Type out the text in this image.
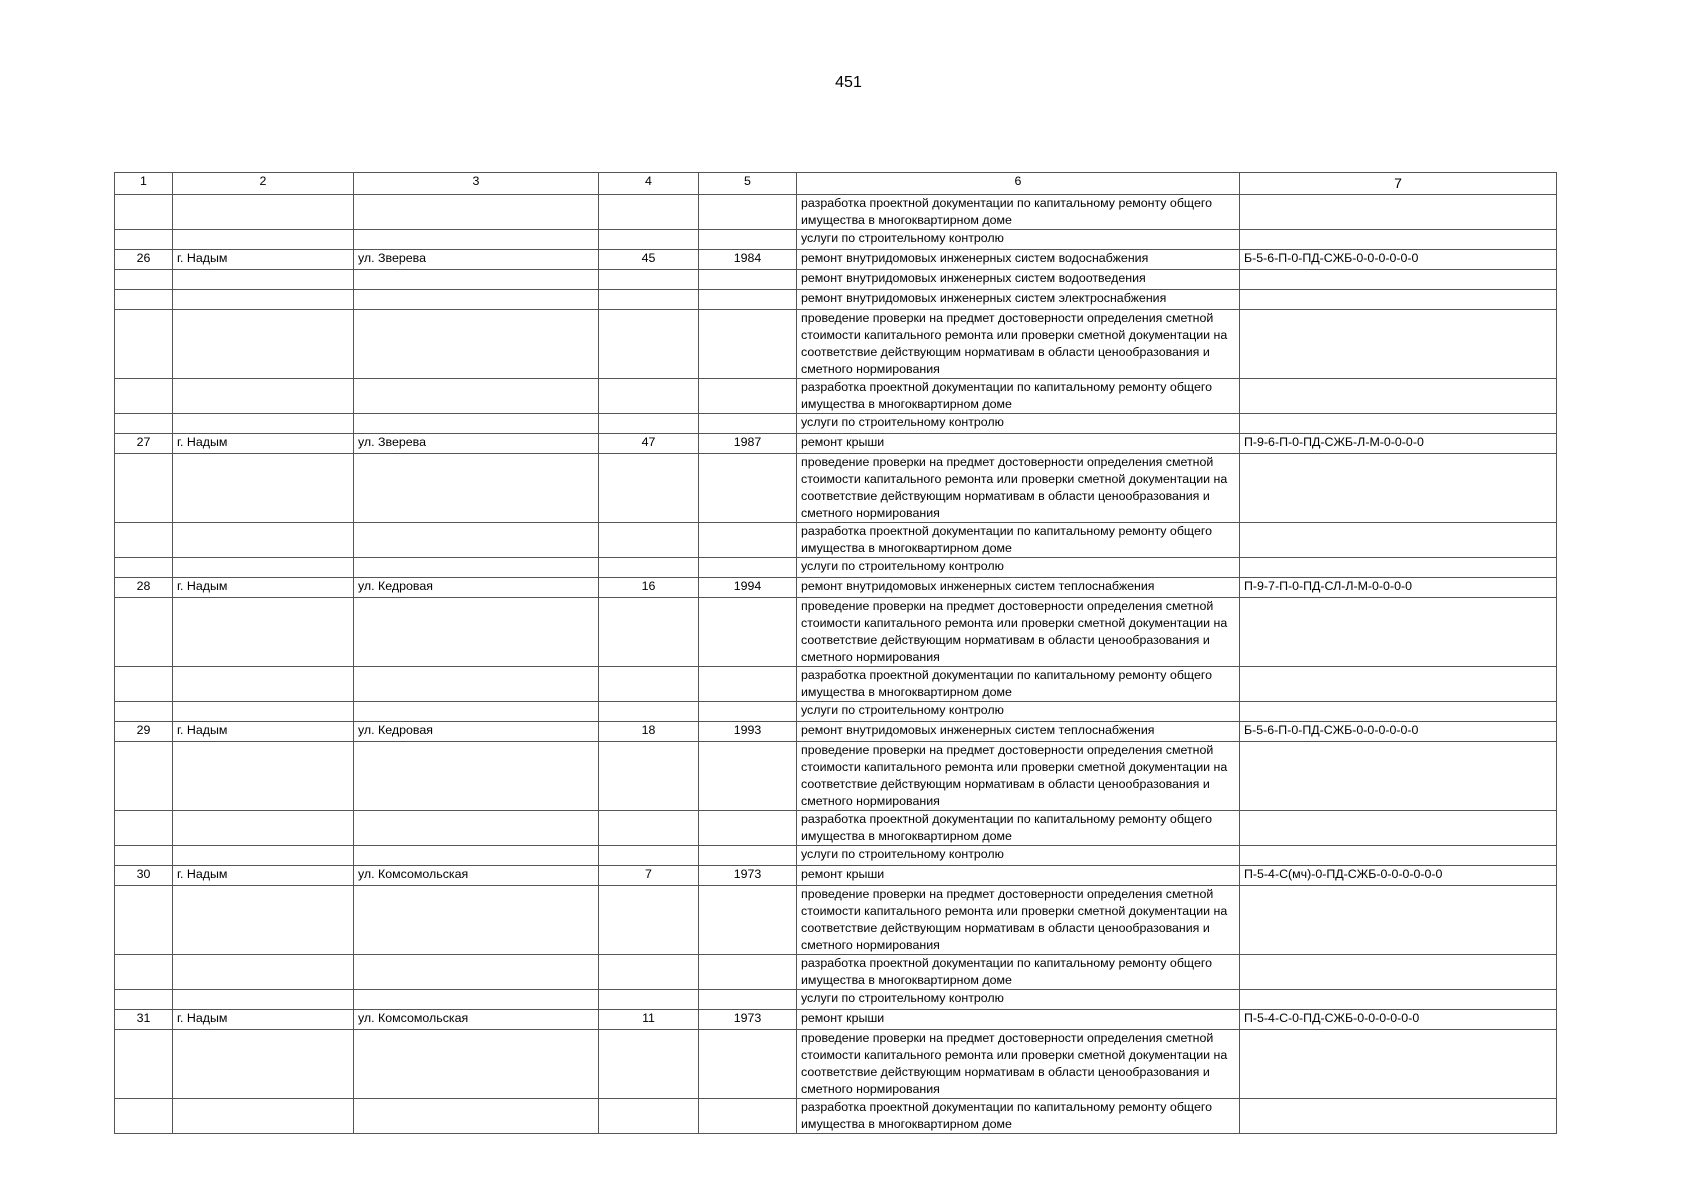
451
1	2	3	4	5	6	7
					разработка проектной документации по капитальному ремонту общего имущества в многоквартирном доме	
					услуги по строительному контролю	
26	г. Надым	ул. Зверева	45	1984	ремонт внутридомовых инженерных систем водоснабжения	Б-5-6-П-0-ПД-СЖБ-0-0-0-0-0-0
					ремонт внутридомовых инженерных систем водоотведения	
					ремонт внутридомовых инженерных систем электроснабжения	
					проведение проверки на предмет достоверности определения сметной стоимости капитального ремонта или проверки сметной документации на соответствие действующим нормативам в области ценообразования и сметного нормирования	
					разработка проектной документации по капитальному ремонту общего имущества в многоквартирном доме	
					услуги по строительному контролю	
27	г. Надым	ул. Зверева	47	1987	ремонт крыши	П-9-6-П-0-ПД-СЖБ-Л-М-0-0-0-0
					проведение проверки на предмет достоверности определения сметной стоимости капитального ремонта или проверки сметной документации на соответствие действующим нормативам в области ценообразования и сметного нормирования	
					разработка проектной документации по капитальному ремонту общего имущества в многоквартирном доме	
					услуги по строительному контролю	
28	г. Надым	ул. Кедровая	16	1994	ремонт внутридомовых инженерных систем теплоснабжения	П-9-7-П-0-ПД-СЛ-Л-М-0-0-0-0
					проведение проверки на предмет достоверности определения сметной стоимости капитального ремонта или проверки сметной документации на соответствие действующим нормативам в области ценообразования и сметного нормирования	
					разработка проектной документации по капитальному ремонту общего имущества в многоквартирном доме	
					услуги по строительному контролю	
29	г. Надым	ул. Кедровая	18	1993	ремонт внутридомовых инженерных систем теплоснабжения	Б-5-6-П-0-ПД-СЖБ-0-0-0-0-0-0
					проведение проверки на предмет достоверности определения сметной стоимости капитального ремонта или проверки сметной документации на соответствие действующим нормативам в области ценообразования и сметного нормирования	
					разработка проектной документации по капитальному ремонту общего имущества в многоквартирном доме	
					услуги по строительному контролю	
30	г. Надым	ул. Комсомольская	7	1973	ремонт крыши	П-5-4-С(мч)-0-ПД-СЖБ-0-0-0-0-0-0
					проведение проверки на предмет достоверности определения сметной стоимости капитального ремонта или проверки сметной документации на соответствие действующим нормативам в области ценообразования и сметного нормирования	
					разработка проектной документации по капитальному ремонту общего имущества в многоквартирном доме	
					услуги по строительному контролю	
31	г. Надым	ул. Комсомольская	11	1973	ремонт крыши	П-5-4-С-0-ПД-СЖБ-0-0-0-0-0-0
					проведение проверки на предмет достоверности определения сметной стоимости капитального ремонта или проверки сметной документации на соответствие действующим нормативам в области ценообразования и сметного нормирования	
					разработка проектной документации по капитальному ремонту общего имущества в многоквартирном доме	
